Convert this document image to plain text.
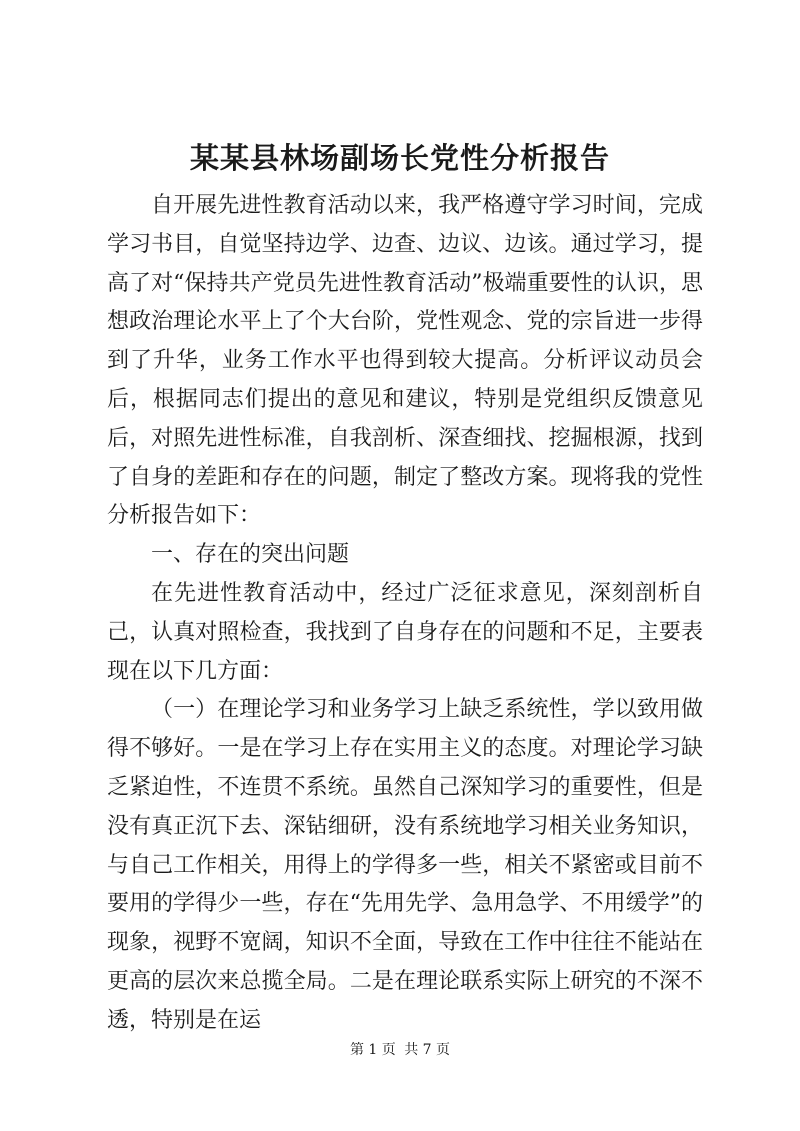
某某县林场副场长党性分析报告

自开展先进性教育活动以来，我严格遵守学习时间，完成学习书目，自觉坚持边学、边查、边议、边该。通过学习，提高了对“保持共产党员先进性教育活动”极端重要性的认识，思想政治理论水平上了个大台阶，党性观念、党的宗旨进一步得到了升华，业务工作水平也得到较大提高。分析评议动员会后，根据同志们提出的意见和建议，特别是党组织反馈意见后，对照先进性标准，自我剖析、深查细找、挖掘根源，找到了自身的差距和存在的问题，制定了整改方案。现将我的党性分析报告如下：

一、存在的突出问题

在先进性教育活动中，经过广泛征求意见，深刻剖析自己，认真对照检查，我找到了自身存在的问题和不足，主要表现在以下几方面：

（一）在理论学习和业务学习上缺乏系统性，学以致用做得不够好。一是在学习上存在实用主义的态度。对理论学习缺乏紧迫性，不连贯不系统。虽然自己深知学习的重要性，但是没有真正沉下去、深钻细研，没有系统地学习相关业务知识，与自己工作相关，用得上的学得多一些，相关不紧密或目前不要用的学得少一些，存在“先用先学、急用急学、不用缓学”的现象，视野不宽阔，知识不全面，导致在工作中往往不能站在更高的层次来总揽全局。二是在理论联系实际上研究的不深不透，特别是在运

第 1 页 共 7 页
